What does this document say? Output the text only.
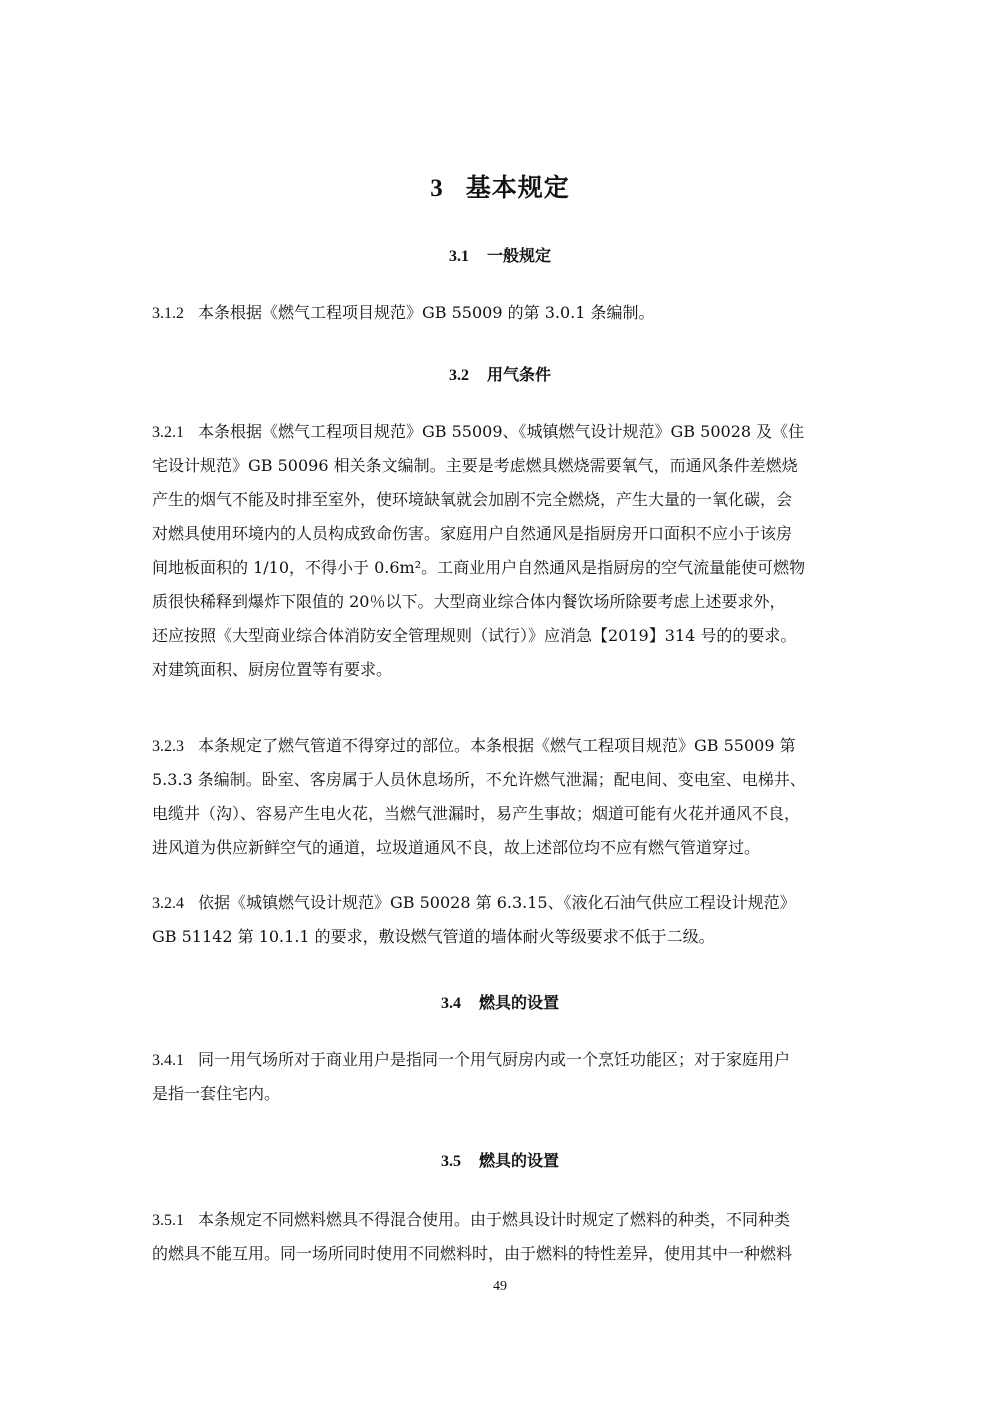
3 基本规定
3.1 一般规定
3.1.2 本条根据《燃气工程项目规范》GB 55009 的第 3.0.1 条编制。
3.2 用气条件
3.2.1 本条根据《燃气工程项目规范》GB 55009、《城镇燃气设计规范》GB 50028 及《住
宅设计规范》GB 50096 相关条文编制。主要是考虑燃具燃烧需要氧气，而通风条件差燃烧
产生的烟气不能及时排至室外，使环境缺氧就会加剧不完全燃烧，产生大量的一氧化碳，会
对燃具使用环境内的人员构成致命伤害。家庭用户自然通风是指厨房开口面积不应小于该房
间地板面积的 1/10，不得小于 0.6m²。工商业用户自然通风是指厨房的空气流量能使可燃物
质很快稀释到爆炸下限值的 20％以下。大型商业综合体内餐饮场所除要考虑上述要求外，
还应按照《大型商业综合体消防安全管理规则（试行）》应消急【2019】314 号的的要求。
对建筑面积、厨房位置等有要求。
3.2.3 本条规定了燃气管道不得穿过的部位。本条根据《燃气工程项目规范》GB 55009 第
5.3.3 条编制。卧室、客房属于人员休息场所，不允许燃气泄漏；配电间、变电室、电梯井、
电缆井（沟）、容易产生电火花，当燃气泄漏时，易产生事故；烟道可能有火花并通风不良，
进风道为供应新鲜空气的通道，垃圾道通风不良，故上述部位均不应有燃气管道穿过。
3.2.4 依据《城镇燃气设计规范》GB 50028 第 6.3.15、《液化石油气供应工程设计规范》
GB 51142 第 10.1.1 的要求，敷设燃气管道的墙体耐火等级要求不低于二级。
3.4 燃具的设置
3.4.1 同一用气场所对于商业用户是指同一个用气厨房内或一个烹饪功能区；对于家庭用户
是指一套住宅内。
3.5 燃具的设置
3.5.1 本条规定不同燃料燃具不得混合使用。由于燃具设计时规定了燃料的种类，不同种类
的燃具不能互用。同一场所同时使用不同燃料时，由于燃料的特性差异，使用其中一种燃料
49
